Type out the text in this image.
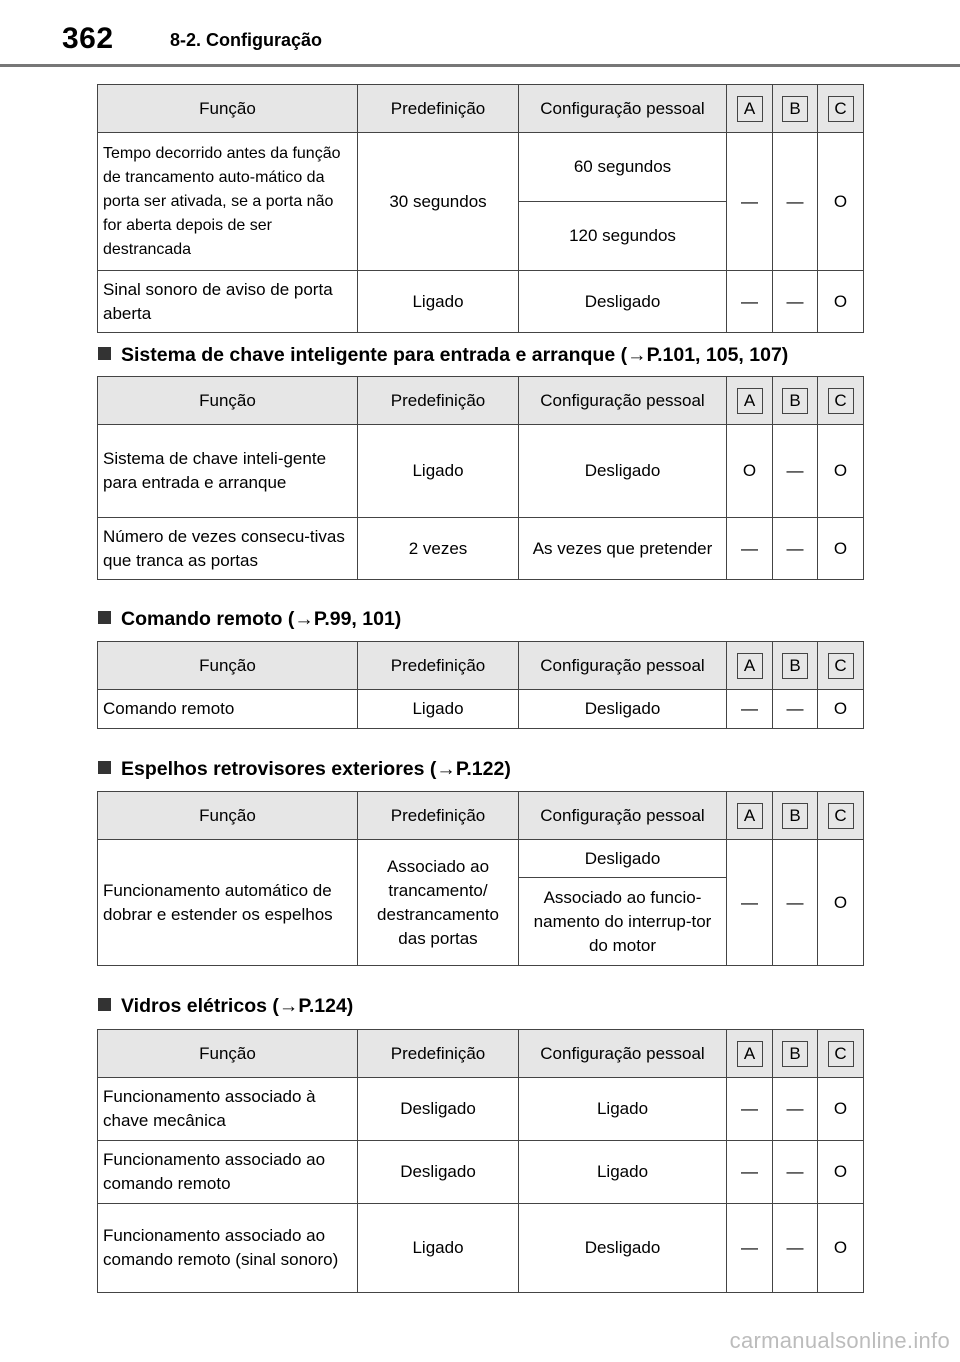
362	8-2. Configuração
Função	Predefinição	Configuração pessoal	A	B	C
Tempo decorrido antes da função de trancamento auto-mático da porta ser ativada, se a porta não for aberta depois de ser destrancada	30 segundos	60 segundos	—	—	O
		120 segundos			
Sinal sonoro de aviso de porta aberta	Ligado	Desligado	—	—	O
Sistema de chave inteligente para entrada e arranque (→P.101, 105, 107)
Função	Predefinição	Configuração pessoal	A	B	C
Sistema de chave inteli-gente para entrada e arranque	Ligado	Desligado	O	—	O
Número de vezes consecu-tivas que tranca as portas	2 vezes	As vezes que pretender	—	—	O
Comando remoto (→P.99, 101)
Função	Predefinição	Configuração pessoal	A	B	C
Comando remoto	Ligado	Desligado	—	—	O
Espelhos retrovisores exteriores (→P.122)
Função	Predefinição	Configuração pessoal	A	B	C
Funcionamento automático de dobrar e estender os espelhos	Associado ao trancamento/ destrancamento das portas	Desligado	—	—	O
		Associado ao funcio-namento do interrup-tor do motor			
Vidros elétricos (→P.124)
Função	Predefinição	Configuração pessoal	A	B	C
Funcionamento associado à chave mecânica	Desligado	Ligado	—	—	O
Funcionamento associado ao comando remoto	Desligado	Ligado	—	—	O
Funcionamento associado ao comando remoto (sinal sonoro)	Ligado	Desligado	—	—	O
carmanualsonline.info
